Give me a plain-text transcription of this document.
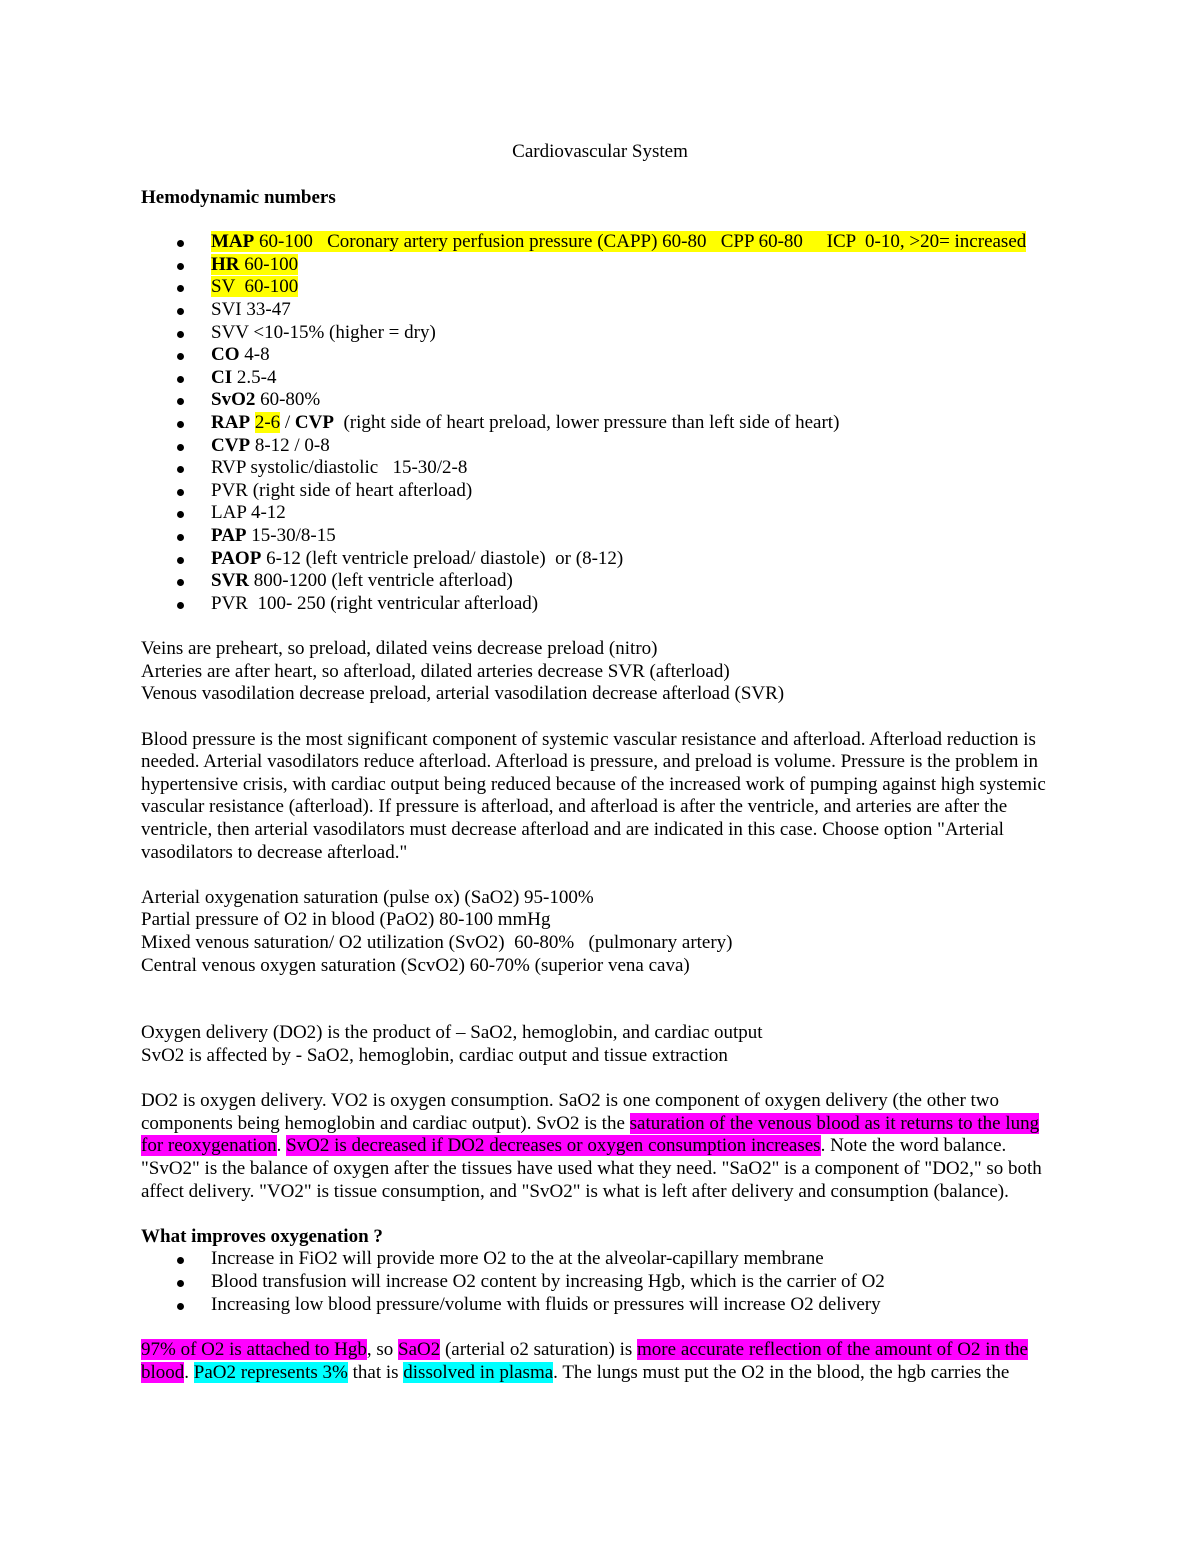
Cardiovascular System
Hemodynamic numbers
MAP 60-100   Coronary artery perfusion pressure (CAPP) 60-80   CPP 60-80     ICP  0-10, >20= increased
HR 60-100
SV  60-100
SVI 33-47
SVV <10-15% (higher = dry)
CO 4-8
CI 2.5-4
SvO2 60-80%
RAP 2-6 / CVP  (right side of heart preload, lower pressure than left side of heart)
CVP 8-12 / 0-8
RVP systolic/diastolic   15-30/2-8
PVR (right side of heart afterload)
LAP 4-12
PAP 15-30/8-15
PAOP 6-12 (left ventricle preload/ diastole)  or (8-12)
SVR 800-1200 (left ventricle afterload)
PVR  100- 250 (right ventricular afterload)

Veins are preheart, so preload, dilated veins decrease preload (nitro)

Arteries are after heart, so afterload, dilated arteries decrease SVR (afterload)

Venous vasodilation decrease preload, arterial vasodilation decrease afterload (SVR)

Blood pressure is the most significant component of systemic vascular resistance and afterload. Afterload reduction is needed. Arterial vasodilators reduce afterload. Afterload is pressure, and preload is volume. Pressure is the problem in hypertensive crisis, with cardiac output being reduced because of the increased work of pumping against high systemic vascular resistance (afterload). If pressure is afterload, and afterload is after the ventricle, and arteries are after the ventricle, then arterial vasodilators must decrease afterload and are indicated in this case. Choose option "Arterial vasodilators to decrease afterload."

Arterial oxygenation saturation (pulse ox) (SaO2) 95-100%

Partial pressure of O2 in blood (PaO2) 80-100 mmHg

Mixed venous saturation/ O2 utilization (SvO2)  60-80%   (pulmonary artery)

Central venous oxygen saturation (ScvO2) 60-70% (superior vena cava)

Oxygen delivery (DO2) is the product of – SaO2, hemoglobin, and cardiac output

SvO2 is affected by - SaO2, hemoglobin, cardiac output and tissue extraction

DO2 is oxygen delivery. VO2 is oxygen consumption. SaO2 is one component of oxygen delivery (the other two components being hemoglobin and cardiac output). SvO2 is the saturation of the venous blood as it returns to the lung for reoxygenation. SvO2 is decreased if DO2 decreases or oxygen consumption increases. Note the word balance. "SvO2" is the balance of oxygen after the tissues have used what they need. "SaO2" is a component of "DO2," so both affect delivery. "VO2" is tissue consumption, and "SvO2" is what is left after delivery and consumption (balance).

What improves oxygenation ?
Increase in FiO2 will provide more O2 to the at the alveolar-capillary membrane
Blood transfusion will increase O2 content by increasing Hgb, which is the carrier of O2
Increasing low blood pressure/volume with fluids or pressures will increase O2 delivery

97% of O2 is attached to Hgb, so SaO2 (arterial o2 saturation) is more accurate reflection of the amount of O2 in the blood. PaO2 represents 3% that is dissolved in plasma. The lungs must put the O2 in the blood, the hgb carries the
